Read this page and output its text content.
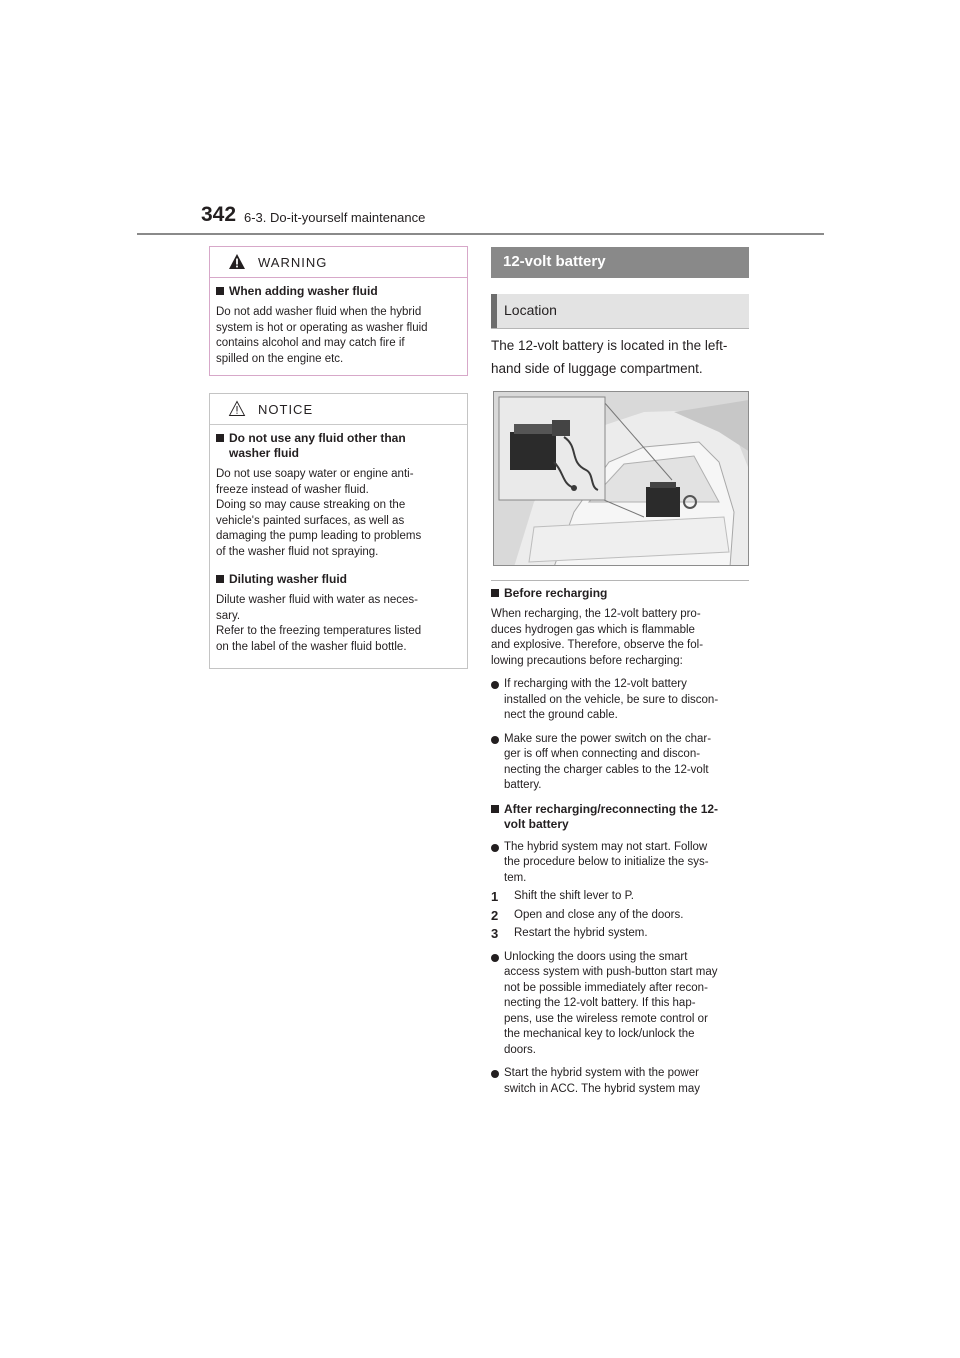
342 6-3. Do-it-yourself maintenance
WARNING
When adding washer fluid

Do not add washer fluid when the hybrid
system is hot or operating as washer fluid
contains alcohol and may catch fire if
spilled on the engine etc.

NOTICE
Do not use any fluid other than
washer fluid

Do not use soapy water or engine anti-
freeze instead of washer fluid.
Doing so may cause streaking on the
vehicle's painted surfaces, as well as
damaging the pump leading to problems
of the washer fluid not spraying.

Diluting washer fluid

Dilute washer fluid with water as neces-
sary.
Refer to the freezing temperatures listed
on the label of the washer fluid bottle.

12-volt battery
Location
The 12-volt battery is located in the left-hand side of luggage compartment.
Before recharging
When recharging, the 12-volt battery pro-
duces hydrogen gas which is flammable
and explosive. Therefore, observe the fol-
lowing precautions before recharging:
If recharging with the 12-volt battery
installed on the vehicle, be sure to discon-
nect the ground cable.
Make sure the power switch on the char-
ger is off when connecting and discon-
necting the charger cables to the 12-volt
battery.
After recharging/reconnecting the 12-
volt battery
The hybrid system may not start. Follow
the procedure below to initialize the sys-
tem.
1	Shift the shift lever to P.
2	Open and close any of the doors.
3	Restart the hybrid system.
Unlocking the doors using the smart
access system with push-button start may
not be possible immediately after recon-
necting the 12-volt battery. If this hap-
pens, use the wireless remote control or
the mechanical key to lock/unlock the
doors.
Start the hybrid system with the power
switch in ACC. The hybrid system may
